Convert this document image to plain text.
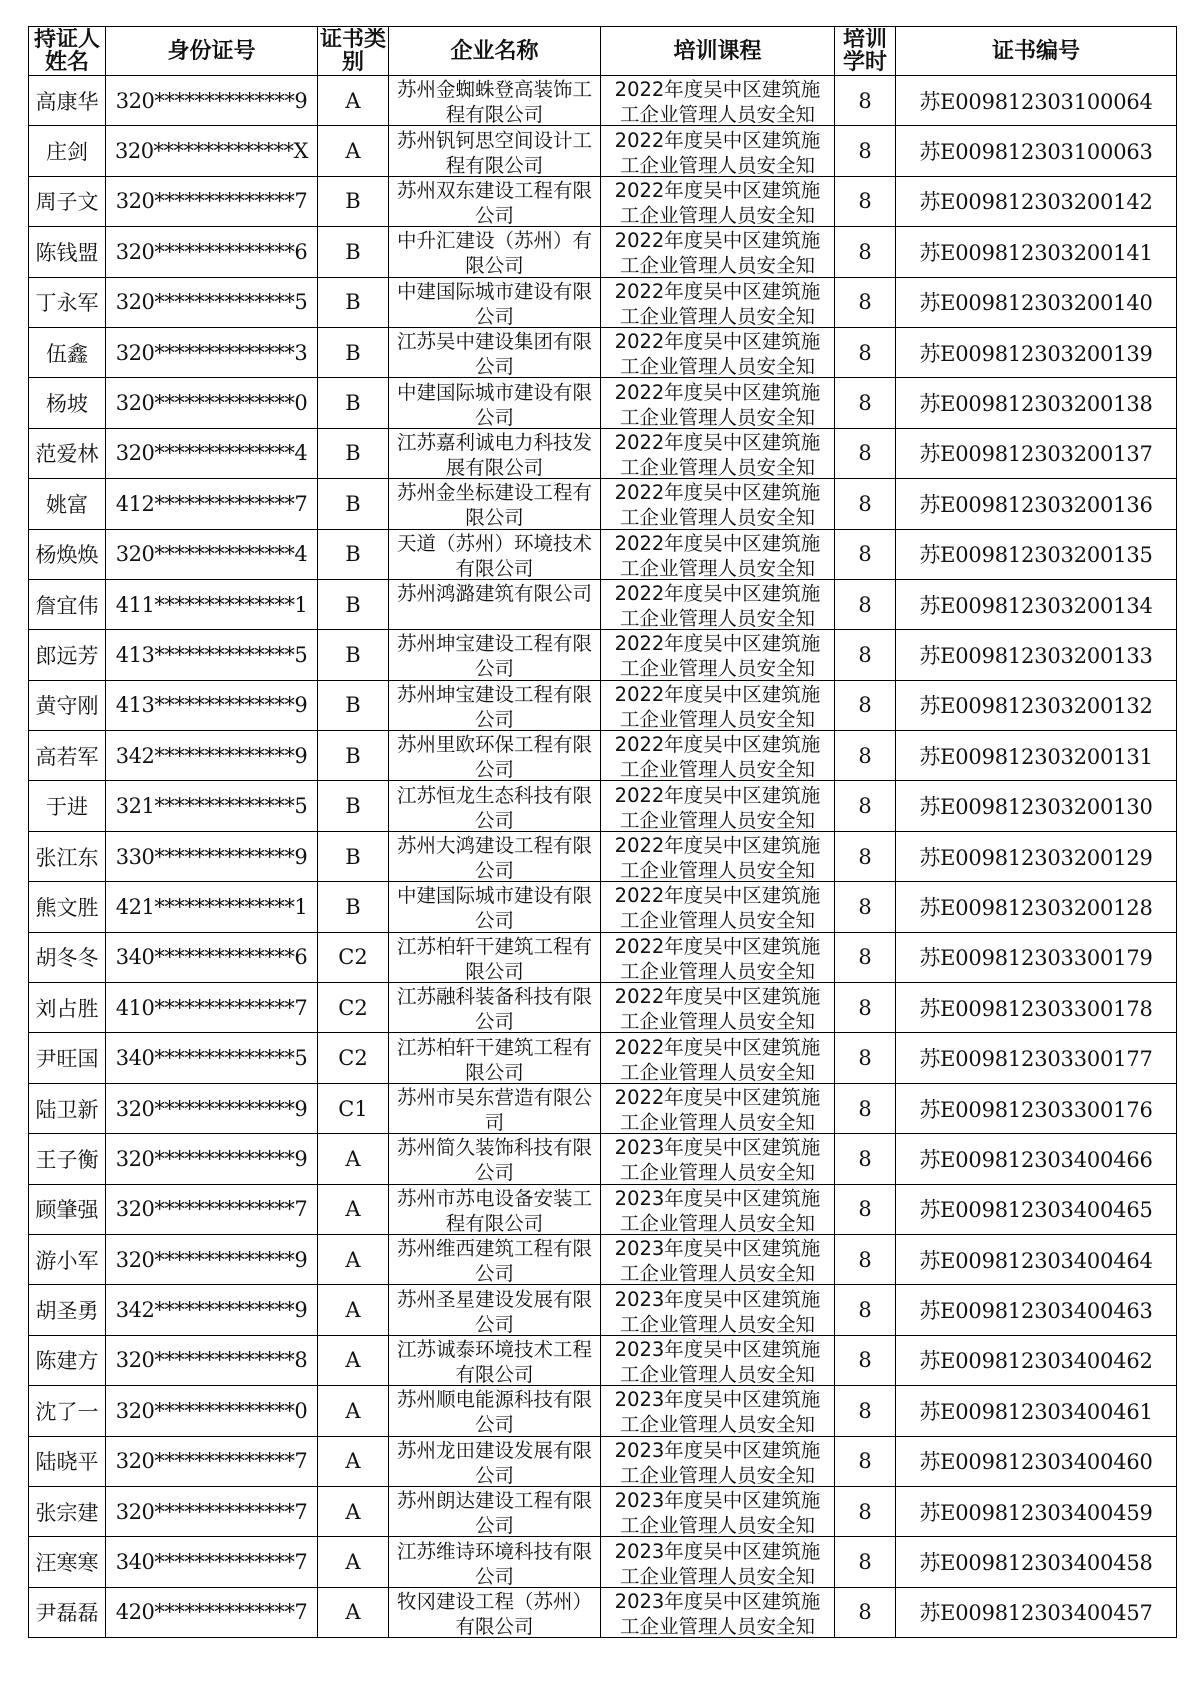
持证人姓名	身份证号	证书类别	企业名称	培训课程	培训学时	证书编号

高康华	320**************9	A	苏州金蜘蛛登高装饰工程有限公司	2022年度吴中区建筑施工企业管理人员安全知	8	苏E009812303100064
庄剑	320**************X	A	苏州钒钶思空间设计工程有限公司	2022年度吴中区建筑施工企业管理人员安全知	8	苏E009812303100063
周子文	320**************7	B	苏州双东建设工程有限公司	2022年度吴中区建筑施工企业管理人员安全知	8	苏E009812303200142
陈钱盟	320**************6	B	中升汇建设（苏州）有限公司	2022年度吴中区建筑施工企业管理人员安全知	8	苏E009812303200141
丁永军	320**************5	B	中建国际城市建设有限公司	2022年度吴中区建筑施工企业管理人员安全知	8	苏E009812303200140
伍鑫	320**************3	B	江苏吴中建设集团有限公司	2022年度吴中区建筑施工企业管理人员安全知	8	苏E009812303200139
杨坡	320**************0	B	中建国际城市建设有限公司	2022年度吴中区建筑施工企业管理人员安全知	8	苏E009812303200138
范爱林	320**************4	B	江苏嘉利诚电力科技发展有限公司	2022年度吴中区建筑施工企业管理人员安全知	8	苏E009812303200137
姚富	412**************7	B	苏州金坐标建设工程有限公司	2022年度吴中区建筑施工企业管理人员安全知	8	苏E009812303200136
杨焕焕	320**************4	B	天道（苏州）环境技术有限公司	2022年度吴中区建筑施工企业管理人员安全知	8	苏E009812303200135
詹宜伟	411**************1	B	苏州鸿潞建筑有限公司	2022年度吴中区建筑施工企业管理人员安全知	8	苏E009812303200134
郎远芳	413**************5	B	苏州坤宝建设工程有限公司	2022年度吴中区建筑施工企业管理人员安全知	8	苏E009812303200133
黄守刚	413**************9	B	苏州坤宝建设工程有限公司	2022年度吴中区建筑施工企业管理人员安全知	8	苏E009812303200132
高若军	342**************9	B	苏州里欧环保工程有限公司	2022年度吴中区建筑施工企业管理人员安全知	8	苏E009812303200131
于进	321**************5	B	江苏恒龙生态科技有限公司	2022年度吴中区建筑施工企业管理人员安全知	8	苏E009812303200130
张江东	330**************9	B	苏州大鸿建设工程有限公司	2022年度吴中区建筑施工企业管理人员安全知	8	苏E009812303200129
熊文胜	421**************1	B	中建国际城市建设有限公司	2022年度吴中区建筑施工企业管理人员安全知	8	苏E009812303200128
胡冬冬	340**************6	C2	江苏柏轩干建筑工程有限公司	2022年度吴中区建筑施工企业管理人员安全知	8	苏E009812303300179
刘占胜	410**************7	C2	江苏融科装备科技有限公司	2022年度吴中区建筑施工企业管理人员安全知	8	苏E009812303300178
尹旺国	340**************5	C2	江苏柏轩干建筑工程有限公司	2022年度吴中区建筑施工企业管理人员安全知	8	苏E009812303300177
陆卫新	320**************9	C1	苏州市吴东营造有限公司	2022年度吴中区建筑施工企业管理人员安全知	8	苏E009812303300176
王子衡	320**************9	A	苏州简久装饰科技有限公司	2023年度吴中区建筑施工企业管理人员安全知	8	苏E009812303400466
顾肇强	320**************7	A	苏州市苏电设备安装工程有限公司	2023年度吴中区建筑施工企业管理人员安全知	8	苏E009812303400465
游小军	320**************9	A	苏州维西建筑工程有限公司	2023年度吴中区建筑施工企业管理人员安全知	8	苏E009812303400464
胡圣勇	342**************9	A	苏州圣星建设发展有限公司	2023年度吴中区建筑施工企业管理人员安全知	8	苏E009812303400463
陈建方	320**************8	A	江苏诚泰环境技术工程有限公司	2023年度吴中区建筑施工企业管理人员安全知	8	苏E009812303400462
沈了一	320**************0	A	苏州顺电能源科技有限公司	2023年度吴中区建筑施工企业管理人员安全知	8	苏E009812303400461
陆晓平	320**************7	A	苏州龙田建设发展有限公司	2023年度吴中区建筑施工企业管理人员安全知	8	苏E009812303400460
张宗建	320**************7	A	苏州朗达建设工程有限公司	2023年度吴中区建筑施工企业管理人员安全知	8	苏E009812303400459
汪寒寒	340**************7	A	江苏维诗环境科技有限公司	2023年度吴中区建筑施工企业管理人员安全知	8	苏E009812303400458
尹磊磊	420**************7	A	牧冈建设工程（苏州）有限公司	2023年度吴中区建筑施工企业管理人员安全知	8	苏E009812303400457
